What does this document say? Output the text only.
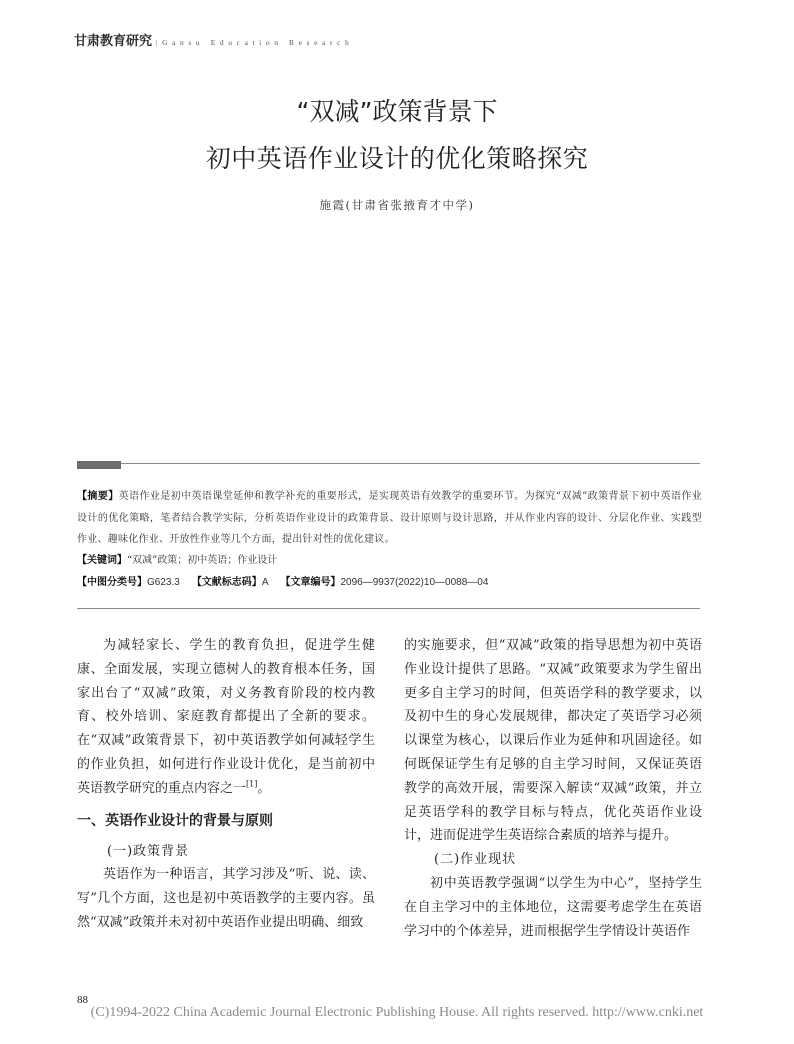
甘肃教育研究 |Gansu Education Research
“双减”政策背景下
初中英语作业设计的优化策略探究
施霞(甘肃省张掖育才中学)
【摘要】英语作业是初中英语课堂延伸和教学补充的重要形式，是实现英语有效教学的重要环节。为探究“双减”政策背景下初中英语作业设计的优化策略，笔者结合教学实际，分析英语作业设计的政策背景、设计原则与设计思路，并从作业内容的设计、分层化作业、实践型作业、趣味化作业、开放性作业等几个方面，提出针对性的优化建议。
【关键词】“双减”政策；初中英语；作业设计
【中图分类号】G623.3 【文献标志码】A 【文章编号】2096—9937(2022)10—0088—04

为减轻家长、学生的教育负担，促进学生健康、全面发展，实现立德树人的教育根本任务，国家出台了“双减”政策，对义务教育阶段的校内教育、校外培训、家庭教育都提出了全新的要求。在“双减”政策背景下，初中英语教学如何减轻学生的作业负担，如何进行作业设计优化，是当前初中英语教学研究的重点内容之一[1]。

一、英语作业设计的背景与原则

(一)政策背景

英语作为一种语言，其学习涉及“听、说、读、写”几个方面，这也是初中英语教学的主要内容。虽然“双减”政策并未对初中英语作业提出明确、细致

的实施要求，但“双减”政策的指导思想为初中英语作业设计提供了思路。“双减”政策要求为学生留出更多自主学习的时间，但英语学科的教学要求，以及初中生的身心发展规律，都决定了英语学习必须以课堂为核心，以课后作业为延伸和巩固途径。如何既保证学生有足够的自主学习时间，又保证英语教学的高效开展，需要深入解读“双减”政策，并立足英语学科的教学目标与特点，优化英语作业设计，进而促进学生英语综合素质的培养与提升。

(二)作业现状

初中英语教学强调“以学生为中心”，坚持学生在自主学习中的主体地位，这需要考虑学生在英语学习中的个体差异，进而根据学生学情设计英语作

88
(C)1994-2022 China Academic Journal Electronic Publishing House. All rights reserved. http://www.cnki.net
